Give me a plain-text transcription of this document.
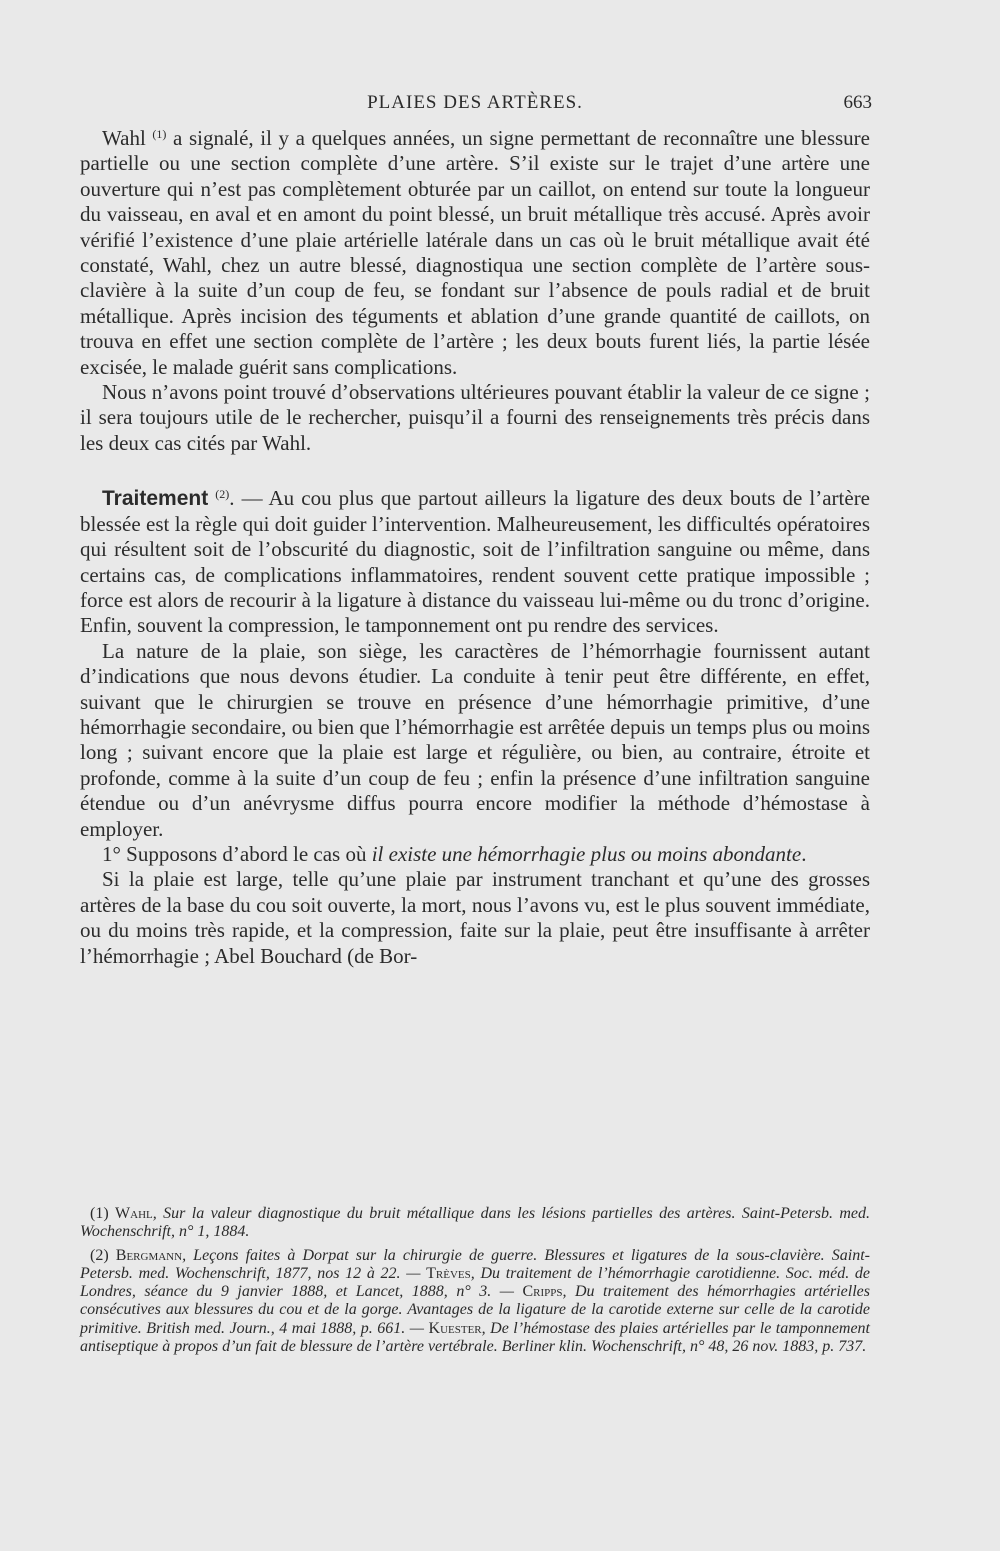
PLAIES DES ARTÈRES.	663

Wahl $^{(1)}$ a signalé, il y a quelques années, un signe permettant de reconnaître une blessure partielle ou une section complète d’une artère. S’il existe sur le trajet d’une artère une ouverture qui n’est pas complètement obturée par un caillot, on entend sur toute la longueur du vaisseau, en aval et en amont du point blessé, un bruit métallique très accusé. Après avoir vérifié l’existence d’une plaie artérielle latérale dans un cas où le bruit métallique avait été constaté, Wahl, chez un autre blessé, diagnostiqua une section complète de l’artère sous-clavière à la suite d’un coup de feu, se fondant sur l’absence de pouls radial et de bruit métallique. Après incision des téguments et ablation d’une grande quantité de caillots, on trouva en effet une section complète de l’artère ; les deux bouts furent liés, la partie lésée excisée, le malade guérit sans complications.

Nous n’avons point trouvé d’observations ultérieures pouvant établir la valeur de ce signe ; il sera toujours utile de le rechercher, puisqu’il a fourni des renseignements très précis dans les deux cas cités par Wahl.

Traitement $^{(2)}$. — Au cou plus que partout ailleurs la ligature des deux bouts de l’artère blessée est la règle qui doit guider l’intervention. Malheureusement, les difficultés opératoires qui résultent soit de l’obscurité du diagnostic, soit de l’infiltration sanguine ou même, dans certains cas, de complications inflammatoires, rendent souvent cette pratique impossible ; force est alors de recourir à la ligature à distance du vaisseau lui-même ou du tronc d’origine. Enfin, souvent la compression, le tamponnement ont pu rendre des services.

La nature de la plaie, son siège, les caractères de l’hémorrhagie fournissent autant d’indications que nous devons étudier. La conduite à tenir peut être différente, en effet, suivant que le chirurgien se trouve en présence d’une hémorrhagie primitive, d’une hémorrhagie secondaire, ou bien que l’hémorrhagie est arrêtée depuis un temps plus ou moins long ; suivant encore que la plaie est large et régulière, ou bien, au contraire, étroite et profonde, comme à la suite d’un coup de feu ; enfin la présence d’une infiltration sanguine étendue ou d’un anévrysme diffus pourra encore modifier la méthode d’hémostase à employer.

1° Supposons d’abord le cas où il existe une hémorrhagie plus ou moins abondante.

Si la plaie est large, telle qu’une plaie par instrument tranchant et qu’une des grosses artères de la base du cou soit ouverte, la mort, nous l’avons vu, est le plus souvent immédiate, ou du moins très rapide, et la compression, faite sur la plaie, peut être insuffisante à arrêter l’hémorrhagie ; Abel Bouchard (de Bor-

(1) Wahl, Sur la valeur diagnostique du bruit métallique dans les lésions partielles des artères. Saint-Petersb. med. Wochenschrift, n° 1, 1884.

(2) Bergmann, Leçons faites à Dorpat sur la chirurgie de guerre. Blessures et ligatures de la sous-clavière. Saint-Petersb. med. Wochenschrift, 1877, nos 12 à 22. — Trèves, Du traitement de l’hémorrhagie carotidienne. Soc. méd. de Londres, séance du 9 janvier 1888, et Lancet, 1888, n° 3. — Cripps, Du traitement des hémorrhagies artérielles consécutives aux blessures du cou et de la gorge. Avantages de la ligature de la carotide externe sur celle de la carotide primitive. British med. Journ., 4 mai 1888, p. 661. — Kuester, De l’hémostase des plaies artérielles par le tamponnement antiseptique à propos d’un fait de blessure de l’artère vertébrale. Berliner klin. Wochenschrift, n° 48, 26 nov. 1883, p. 737.
